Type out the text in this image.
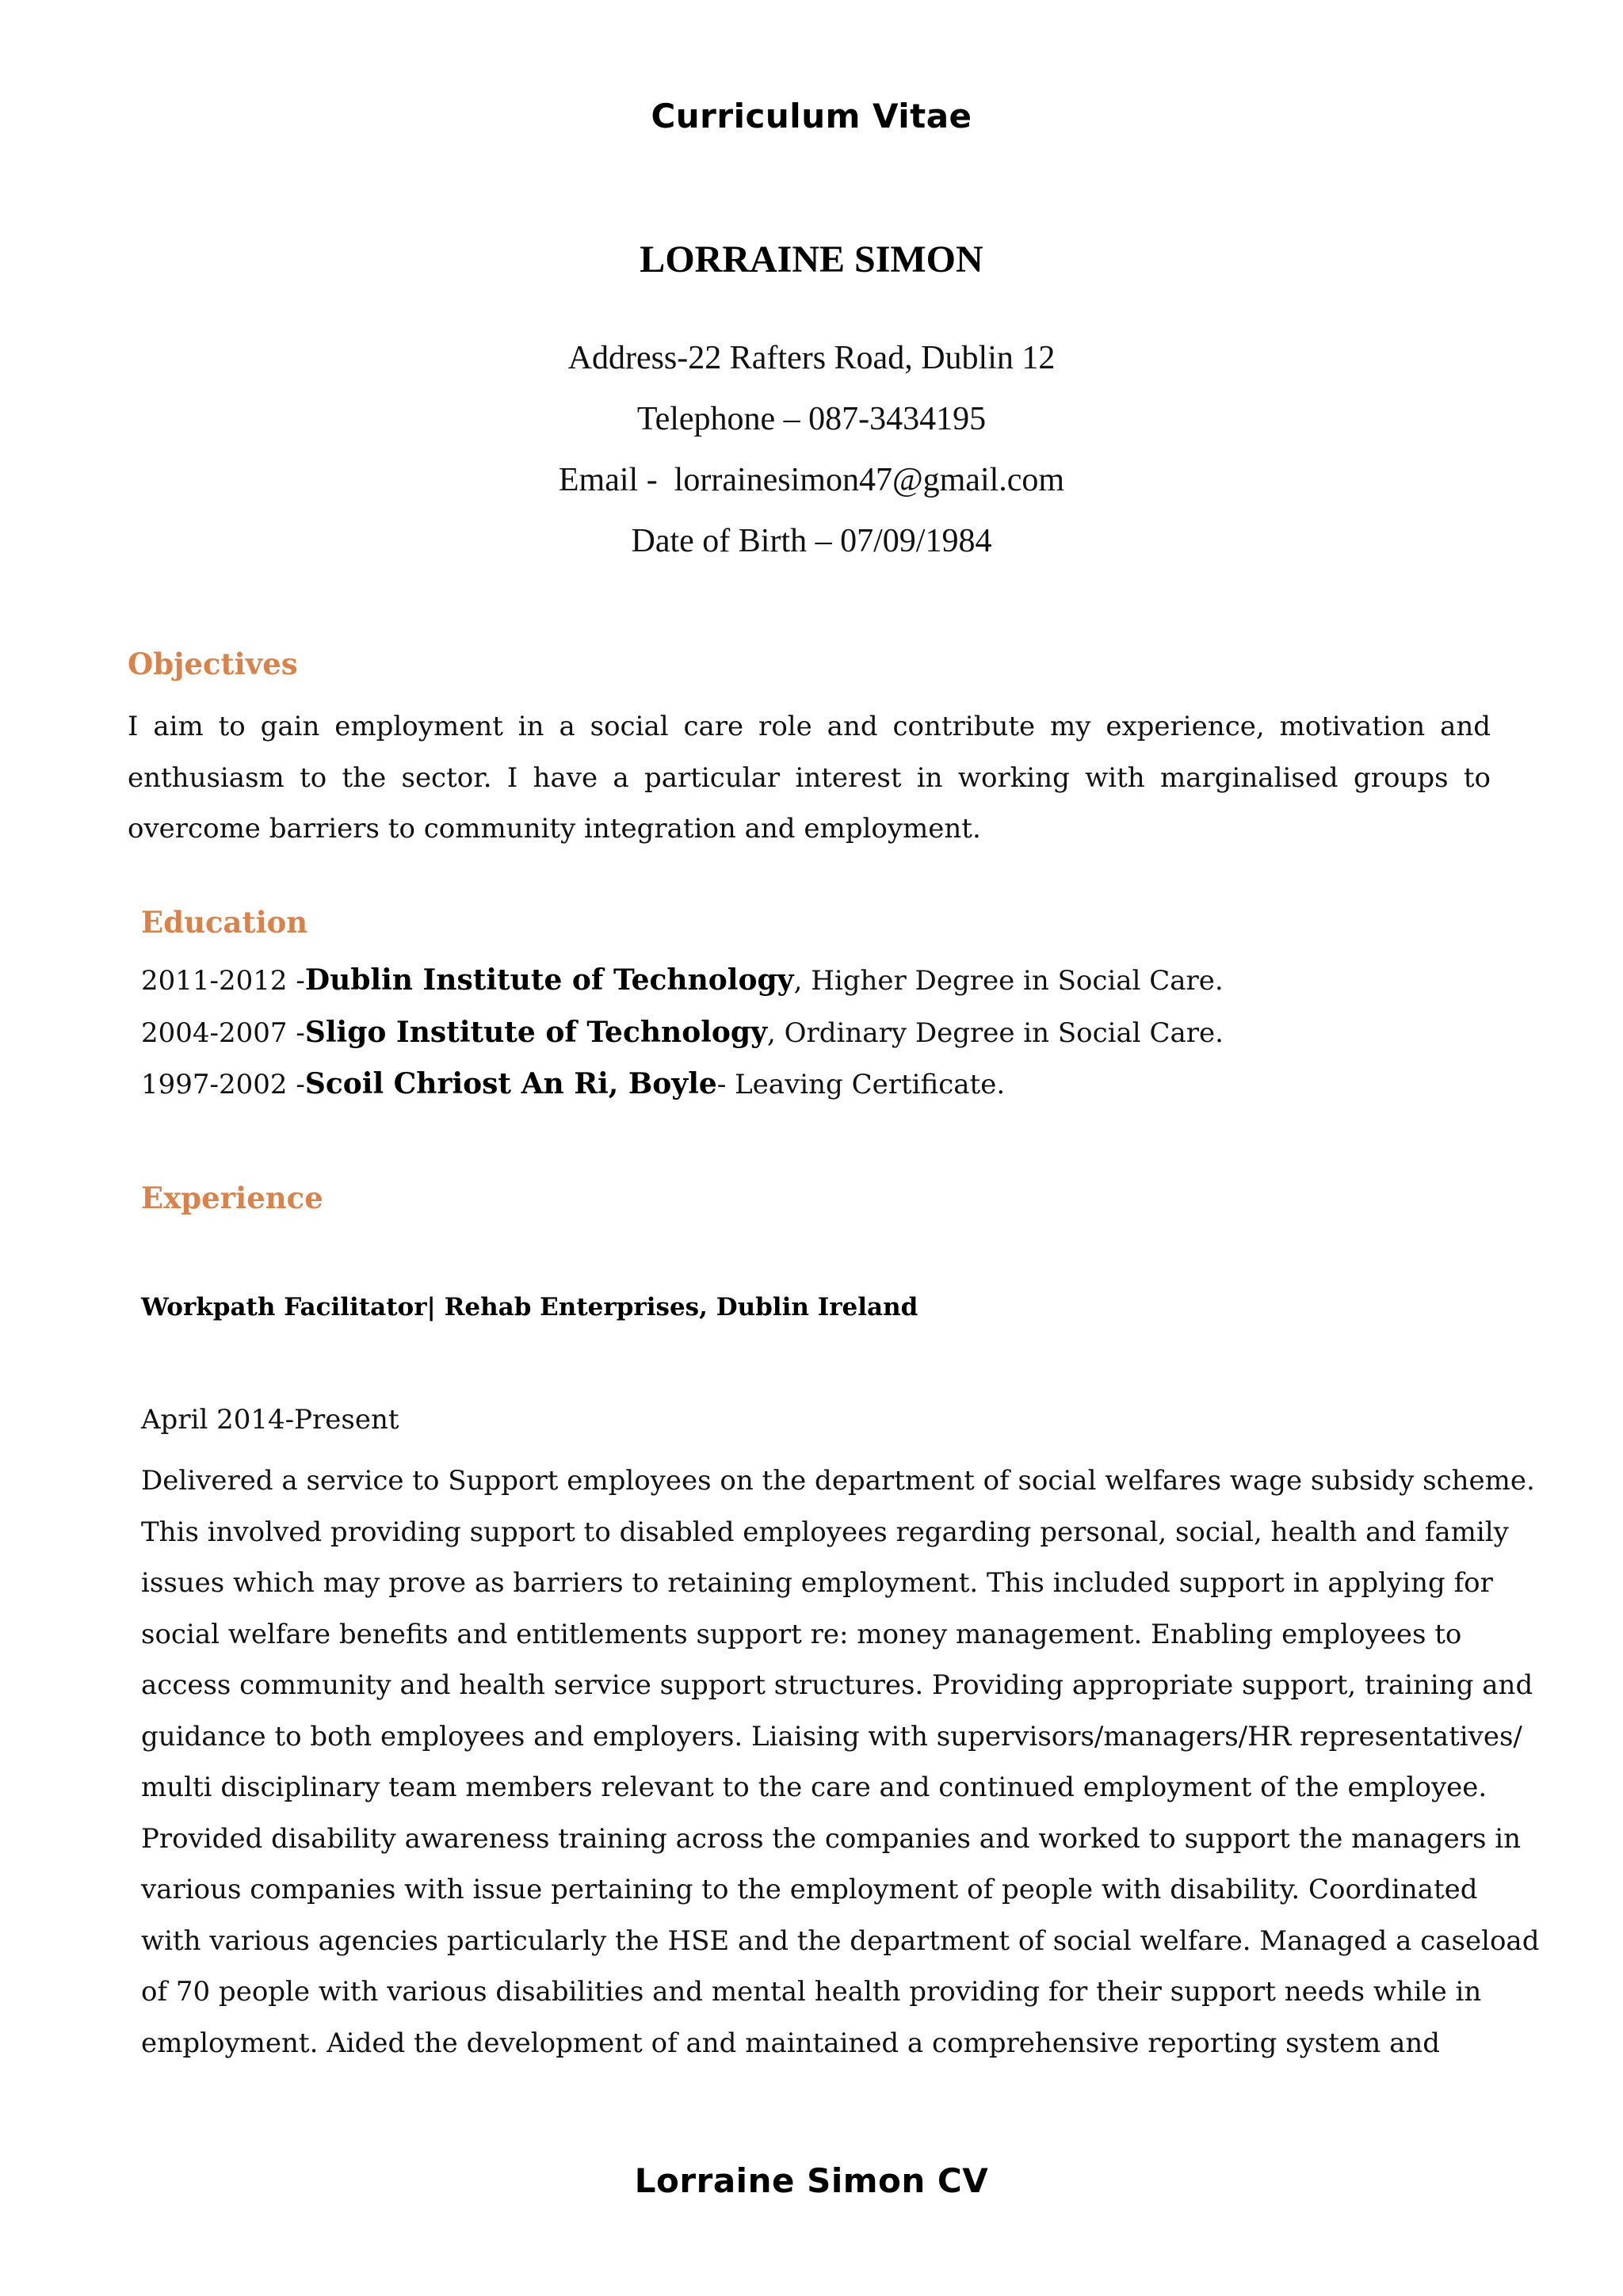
Curriculum Vitae
LORRAINE SIMON
Address-22 Rafters Road, Dublin 12
Telephone – 087-3434195
Email -  lorrainesimon47@gmail.com
Date of Birth – 07/09/1984
Objectives
I aim to gain employment in a social care role and contribute my experience, motivation and enthusiasm to the sector. I have a particular interest in working with marginalised groups to overcome barriers to community integration and employment.
Education
2011-2012 -Dublin Institute of Technology, Higher Degree in Social Care.
2004-2007 -Sligo Institute of Technology, Ordinary Degree in Social Care.
1997-2002 -Scoil Chriost An Ri, Boyle- Leaving Certificate.
Experience
Workpath Facilitator| Rehab Enterprises, Dublin Ireland
April 2014-Present
Delivered a service to Support employees on the department of social welfares wage subsidy scheme.
This involved providing support to disabled employees regarding personal, social, health and family
issues which may prove as barriers to retaining employment. This included support in applying for
social welfare benefits and entitlements support re: money management. Enabling employees to
access community and health service support structures. Providing appropriate support, training and
guidance to both employees and employers. Liaising with supervisors/managers/HR representatives/
multi disciplinary team members relevant to the care and continued employment of the employee.
Provided disability awareness training across the companies and worked to support the managers in
various companies with issue pertaining to the employment of people with disability. Coordinated
with various agencies particularly the HSE and the department of social welfare. Managed a caseload
of 70 people with various disabilities and mental health providing for their support needs while in
employment. Aided the development of and maintained a comprehensive reporting system and
Lorraine Simon CV
